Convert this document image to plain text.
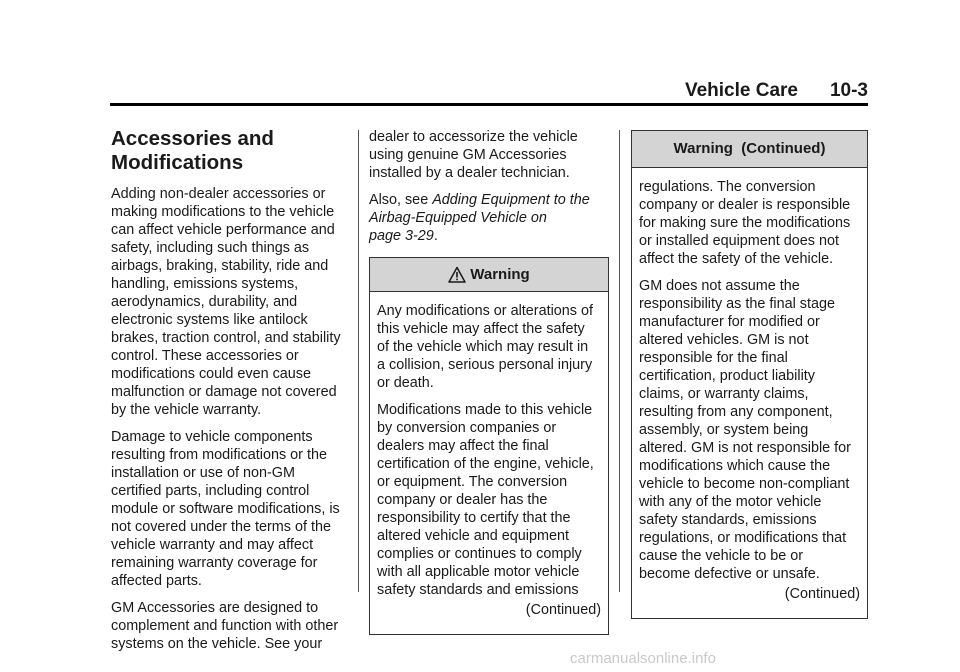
Vehicle Care 10-3
Accessories and
Modifications

Adding non-dealer accessories or
making modifications to the vehicle
can affect vehicle performance and
safety, including such things as
airbags, braking, stability, ride and
handling, emissions systems,
aerodynamics, durability, and
electronic systems like antilock
brakes, traction control, and stability
control. These accessories or
modifications could even cause
malfunction or damage not covered
by the vehicle warranty.

Damage to vehicle components
resulting from modifications or the
installation or use of non-GM
certified parts, including control
module or software modifications, is
not covered under the terms of the
vehicle warranty and may affect
remaining warranty coverage for
affected parts.

GM Accessories are designed to
complement and function with other
systems on the vehicle. See your

dealer to accessorize the vehicle
using genuine GM Accessories
installed by a dealer technician.

Also, see Adding Equipment to the
Airbag-Equipped Vehicle on
page 3-29.

Warning

Any modifications or alterations of
this vehicle may affect the safety
of the vehicle which may result in
a collision, serious personal injury
or death.

Modifications made to this vehicle
by conversion companies or
dealers may affect the final
certification of the engine, vehicle,
or equipment. The conversion
company or dealer has the
responsibility to certify that the
altered vehicle and equipment
complies or continues to comply
with all applicable motor vehicle
safety standards and emissions

(Continued)

Warning  (Continued)

regulations. The conversion
company or dealer is responsible
for making sure the modifications
or installed equipment does not
affect the safety of the vehicle.

GM does not assume the
responsibility as the final stage
manufacturer for modified or
altered vehicles. GM is not
responsible for the final
certification, product liability
claims, or warranty claims,
resulting from any component,
assembly, or system being
altered. GM is not responsible for
modifications which cause the
vehicle to become non-compliant
with any of the motor vehicle
safety standards, emissions
regulations, or modifications that
cause the vehicle to be or
become defective or unsafe.

(Continued)

carmanualsonline.info
